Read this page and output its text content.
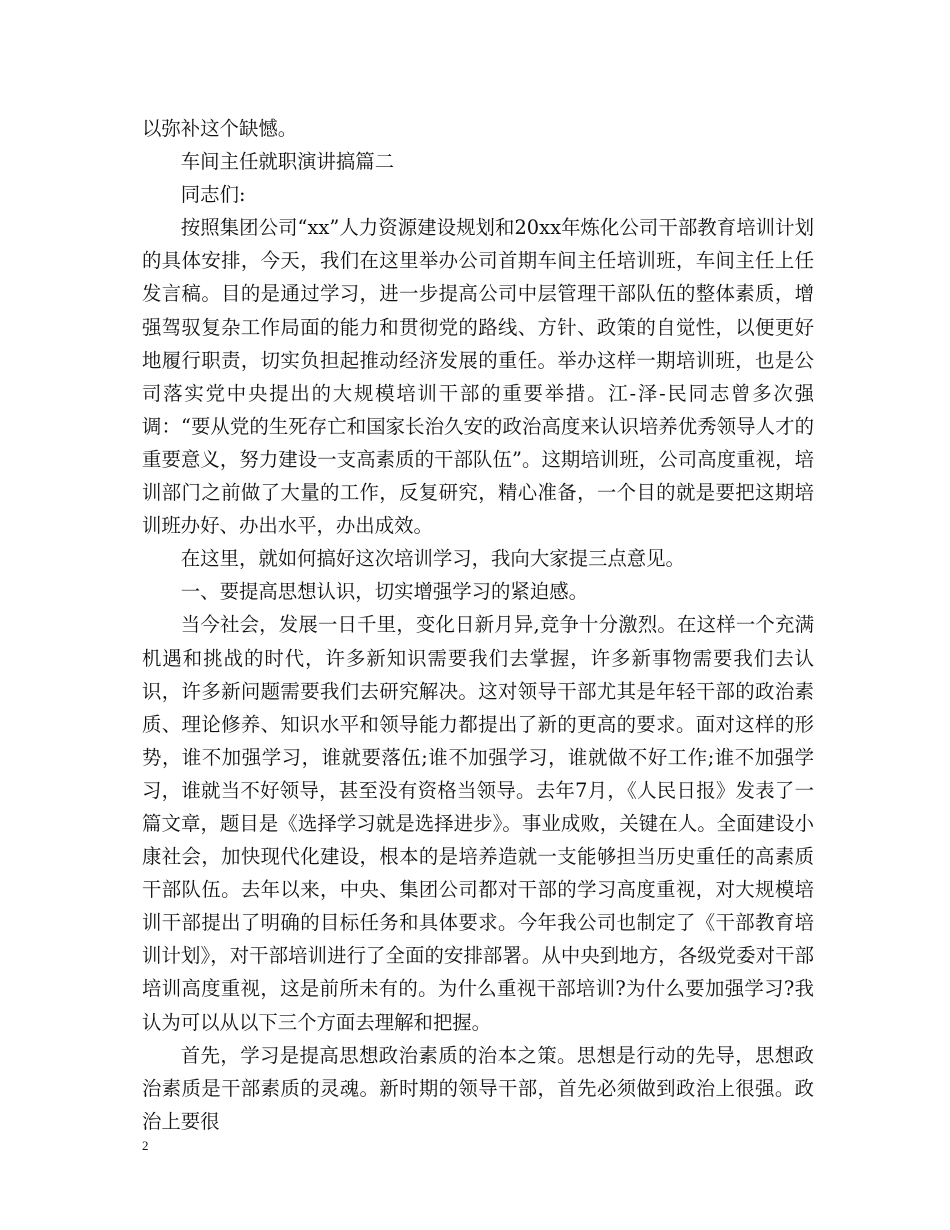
以弥补这个缺憾。

车间主任就职演讲搞篇二

同志们:

按照集团公司“xx”人力资源建设规划和20xx年炼化公司干部教育培训计划的具体安排，今天，我们在这里举办公司首期车间主任培训班，车间主任上任发言稿。目的是通过学习，进一步提高公司中层管理干部队伍的整体素质，增强驾驭复杂工作局面的能力和贯彻党的路线、方针、政策的自觉性，以便更好地履行职责，切实负担起推动经济发展的重任。举办这样一期培训班，也是公司落实党中央提出的大规模培训干部的重要举措。江-泽-民同志曾多次强调：“要从党的生死存亡和国家长治久安的政治高度来认识培养优秀领导人才的重要意义，努力建设一支高素质的干部队伍”。这期培训班，公司高度重视，培训部门之前做了大量的工作，反复研究，精心准备，一个目的就是要把这期培训班办好、办出水平，办出成效。

在这里，就如何搞好这次培训学习，我向大家提三点意见。

一、要提高思想认识，切实增强学习的紧迫感。

当今社会，发展一日千里，变化日新月异,竞争十分激烈。在这样一个充满机遇和挑战的时代，许多新知识需要我们去掌握，许多新事物需要我们去认识，许多新问题需要我们去研究解决。这对领导干部尤其是年轻干部的政治素质、理论修养、知识水平和领导能力都提出了新的更高的要求。面对这样的形势，谁不加强学习，谁就要落伍;谁不加强学习，谁就做不好工作;谁不加强学习，谁就当不好领导，甚至没有资格当领导。去年7月，《人民日报》发表了一篇文章，题目是《选择学习就是选择进步》。事业成败，关键在人。全面建设小康社会，加快现代化建设，根本的是培养造就一支能够担当历史重任的高素质干部队伍。去年以来，中央、集团公司都对干部的学习高度重视，对大规模培训干部提出了明确的目标任务和具体要求。今年我公司也制定了《干部教育培训计划》，对干部培训进行了全面的安排部署。从中央到地方，各级党委对干部培训高度重视，这是前所未有的。为什么重视干部培训?为什么要加强学习?我认为可以从以下三个方面去理解和把握。

首先，学习是提高思想政治素质的治本之策。思想是行动的先导，思想政治素质是干部素质的灵魂。新时期的领导干部，首先必须做到政治上很强。政治上要很

2
